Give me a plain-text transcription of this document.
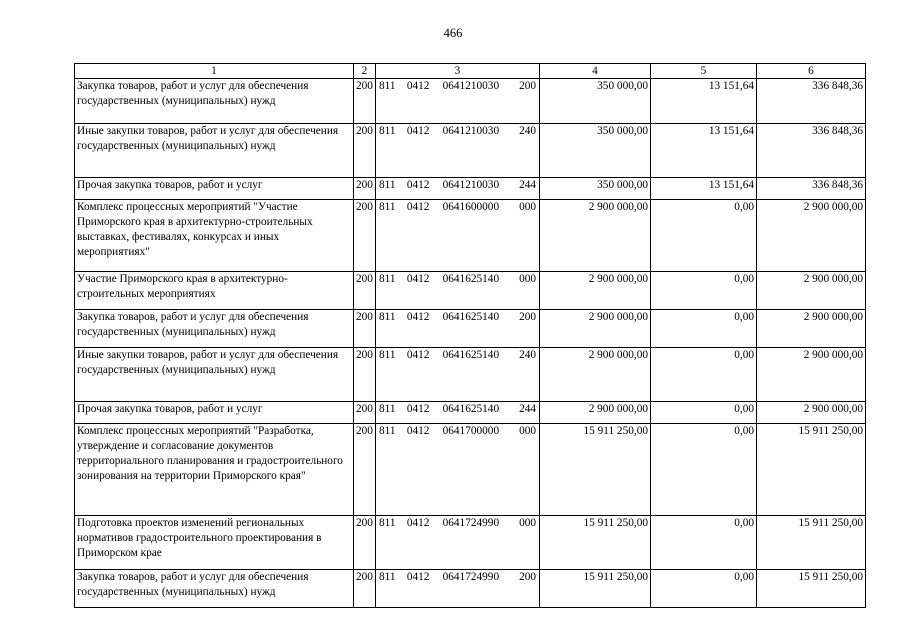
466
1	2	3	4	5	6
Закупка товаров, работ и услуг для обеспечения государственных (муниципальных) нужд	200	811 0412 0641210030 200	350 000,00	13 151,64	336 848,36
Иные закупки товаров, работ и услуг для обеспечения государственных (муниципальных) нужд	200	811 0412 0641210030 240	350 000,00	13 151,64	336 848,36
Прочая закупка товаров, работ и услуг	200	811 0412 0641210030 244	350 000,00	13 151,64	336 848,36
Комплекс процессных мероприятий "Участие Приморского края в архитектурно-строительных выставках, фестивалях, конкурсах и иных мероприятиях"	200	811 0412 0641600000 000	2 900 000,00	0,00	2 900 000,00
Участие Приморского края в архитектурно-строительных мероприятиях	200	811 0412 0641625140 000	2 900 000,00	0,00	2 900 000,00
Закупка товаров, работ и услуг для обеспечения государственных (муниципальных) нужд	200	811 0412 0641625140 200	2 900 000,00	0,00	2 900 000,00
Иные закупки товаров, работ и услуг для обеспечения государственных (муниципальных) нужд	200	811 0412 0641625140 240	2 900 000,00	0,00	2 900 000,00
Прочая закупка товаров, работ и услуг	200	811 0412 0641625140 244	2 900 000,00	0,00	2 900 000,00
Комплекс процессных мероприятий "Разработка, утверждение и согласование документов территориального планирования и градостроительного зонирования на территории Приморского края"	200	811 0412 0641700000 000	15 911 250,00	0,00	15 911 250,00
Подготовка проектов изменений региональных нормативов градостроительного проектирования в Приморском крае	200	811 0412 0641724990 000	15 911 250,00	0,00	15 911 250,00
Закупка товаров, работ и услуг для обеспечения государственных (муниципальных) нужд	200	811 0412 0641724990 200	15 911 250,00	0,00	15 911 250,00
